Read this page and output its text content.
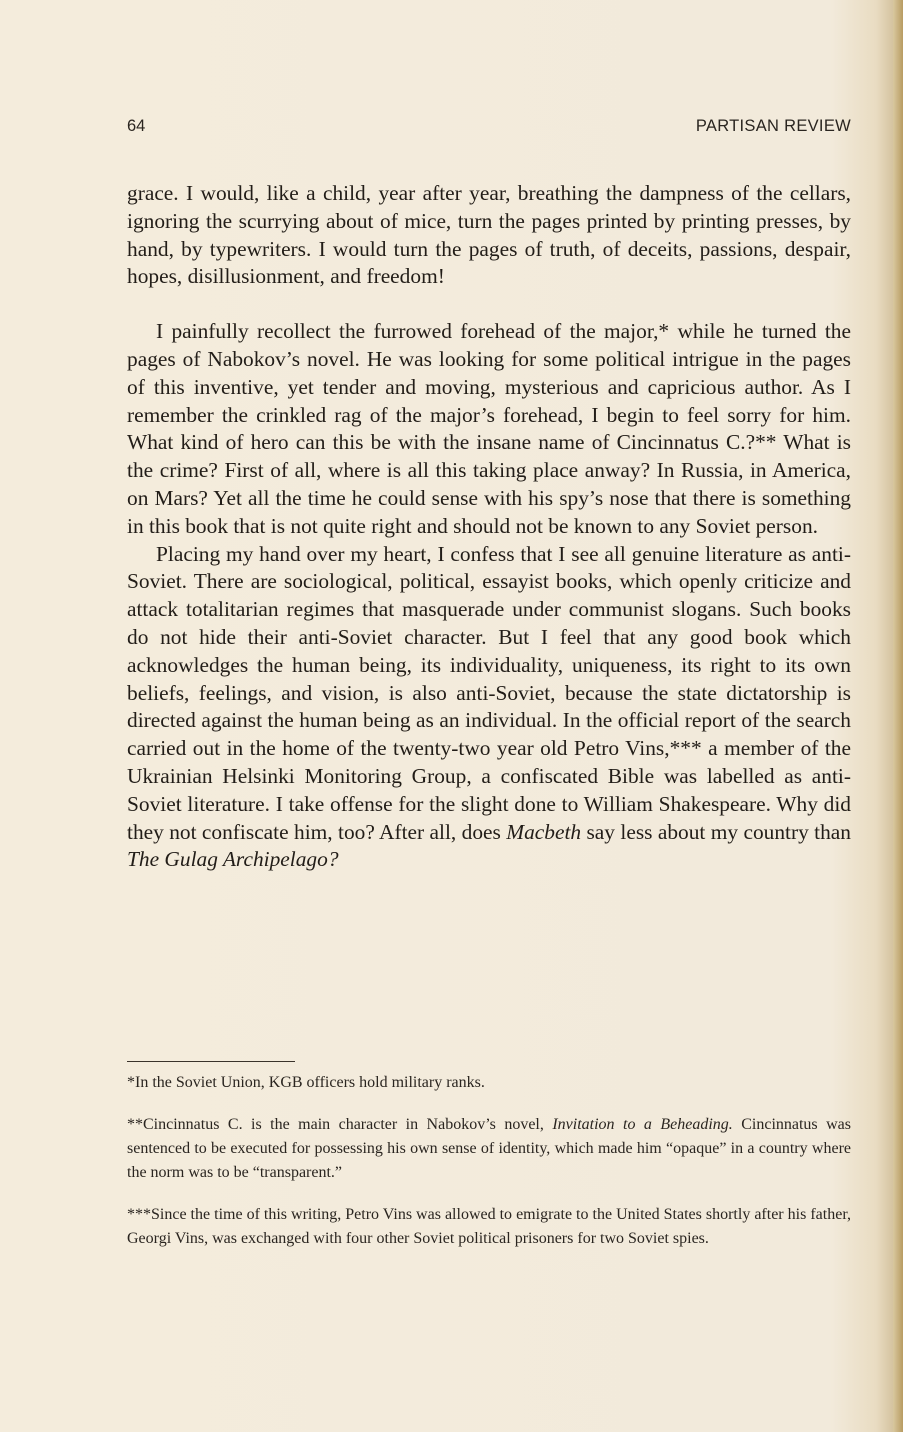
64	PARTISAN REVIEW

grace. I would, like a child, year after year, breathing the dampness of the cellars, ignoring the scurrying about of mice, turn the pages printed by printing presses, by hand, by typewriters. I would turn the pages of truth, of deceits, passions, despair, hopes, disillusionment, and freedom!

I painfully recollect the furrowed forehead of the major,* while he turned the pages of Nabokov’s novel. He was looking for some political intrigue in the pages of this inventive, yet tender and moving, mysterious and capricious author. As I remember the crinkled rag of the major’s forehead, I begin to feel sorry for him. What kind of hero can this be with the insane name of Cincinnatus C.?** What is the crime? First of all, where is all this taking place anway? In Russia, in America, on Mars? Yet all the time he could sense with his spy’s nose that there is something in this book that is not quite right and should not be known to any Soviet person.

Placing my hand over my heart, I confess that I see all genuine literature as anti-Soviet. There are sociological, political, essayist books, which openly criticize and attack totalitarian regimes that masquerade under communist slogans. Such books do not hide their anti-Soviet character. But I feel that any good book which acknowledges the human being, its individuality, uniqueness, its right to its own beliefs, feelings, and vision, is also anti-Soviet, because the state dictatorship is directed against the human being as an individual. In the official report of the search carried out in the home of the twenty-two year old Petro Vins,*** a member of the Ukrainian Helsinki Monitoring Group, a confiscated Bible was labelled as anti-Soviet literature. I take offense for the slight done to William Shakespeare. Why did they not confiscate him, too? After all, does Macbeth say less about my country than The Gulag Archipelago?

*In the Soviet Union, KGB officers hold military ranks.

**Cincinnatus C. is the main character in Nabokov’s novel, Invitation to a Beheading. Cincinnatus was sentenced to be executed for possessing his own sense of identity, which made him “opaque” in a country where the norm was to be “transparent.”

***Since the time of this writing, Petro Vins was allowed to emigrate to the United States shortly after his father, Georgi Vins, was exchanged with four other Soviet political prisoners for two Soviet spies.
